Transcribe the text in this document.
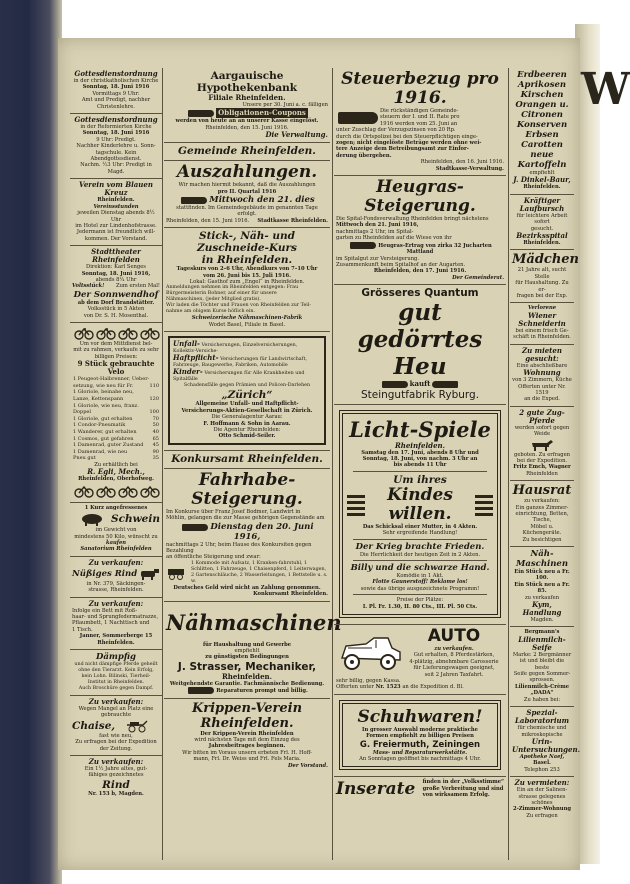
W
Gottesdienstordnung
in der christkatholischen Kirche
Sonntag, 18. Juni 1916
Vormittags 9 Uhr:
Amt und Predigt, nachher
Christenlehre.
Gottesdienstordnung
in der Reformierten Kirche
Sonntag, 18. Juni 1916
9 Uhr: Predigt.
Nachher Kinderlehre u. Sonn-
tagschule. Kein Abendgottesdienst.
Nachm. ½3 Uhr: Predigt in Magd.
Verein vom Blauen Kreuz
Rheinfelden.
Vereinsstunden
jeweilen Dienstag abends 8½ Uhr
im Hotel zur Lindenhofstrasse.
Jedermann ist freundlich will-
kommen. Der Vorstand.
Stadttheater Rheinfelden
Direktion: Karl Senges
Sonntag, 18. Juni 1916,
abends 8¼ Uhr
Voltsstück! Zum ersten Mal!
Der Sonnwendhof
ab dem Dorf Brandstätter.
Volksstück in 5 Akten
von Dr. S. H. Mosenthal.
Um vor dem Mittdienst bel-
mit zu rahmen, verkaufe zu sehr
billigen Preisen:
9 Stück gebrauchte Velo
1 Peugeot-Halbrenner, Ueber-
setzung, wie neu für Fr.	110
1 Gloriole, beinahe neu,
Lanze, Kettenspann	120
1 Gloriole, wie neu, franz.
Doppel	100
1 Gloriole, gut erhalten	70
1 Condor-Pneumatik	50
1 Wanderer, gut erhalten	40
1 Cosmos, gut gefahren	65
1 Damenrad, guter Zustand 45
1 Damenrad, wie neu	90
Pneu gut	35
Zu erhältlich bei
R. Egli, Mech.,
Rheinfelden, Oberhofweg.
1 Kurz angefressenes
Schwein
im Gewicht von
mindestens 50 Kilo, wünscht zu
kaufen
Sanatorium Rheinfelden
Zu verkaufen:
Nüßiges Rind
in Nr. 379, Säckingen-
strasse, Rheinfelden.
Zu verkaufen:
Infolge ein Bett mit Roß-
haar- und Sprungfedermatrazze,
Pflaumbett, 1 Nachttisch und
1 Tisch.
Janner, Sommerberge 15
Rheinfelden.
Dämpfig
und nicht dämpfige Pferde geheilt
ohne den Tierarzt. Kein Erfolg,
kein Lohn. Bilinski, Tierheil-
Institut in Rheinfelden.
Auch Broschüre gegen Dampf.
Zu verkaufen:
Wegen Mangel an Platz eine
gebrauchte
Chaise,
fast wie neu,
Zu erfragen bei der Expedition
der Zeitung.
Zu verkaufen:
Ein 1½ Jahre altes, gut-
fähiges gezeichnetes
Rind
Nr. 153 b, Magden.
Aargauische Hypothekenbank
Filiale Rheinfelden.
Unsere per 30. Juni a. c. fälligen
Obligationen-Coupons
werden von heute an an unserer Kasse eingelöst.
Rheinfelden, den 15. Juni 1916.
Die Verwaltung.
Gemeinde Rheinfelden.
Auszahlungen.
Wir machen hiermit bekannt, daß die Auszahlungen
pro II. Quartal 1916
Mittwoch den 21. dies
stattfinden. Im Gemeindegebäude im genannten Tage erfolgt.
Rheinfelden, den 15. Juni 1916. Stadtkasse Rheinfelden.
Stick-, Näh- und Zuschneide-Kurs
in Rheinfelden.
Tageskurs von 2–6 Uhr, Abendkurs von 7–10 Uhr
vom 26. Juni bis 15. Juli 1916.
Lokal: Gasthof zum „Engel“ in Rheinfelden.
Anmeldungen nehmen im Rheinfelden entgegen: Frau
Bürgermeisterin Rohner, auf einer für unsere
Nähmaschinen, (jeder Mitglied gratis).
Wir laden die Töchter und Frauen von Rheinfelden zur Teil-
nahme am obigem Kurse höflich ein.
Schweizerische Nähmaschinen-Fabrik
Wodet Basel, Filiale in Basel.
Unfall- Versicherungen, Einzelversicherungen, Kollektiv-Versiche-
Haftpflicht- Versicherungen für Landwirtschaft, Fahrzeuge, Baugewerbe, Fabriken, Automobile
Kinder- Versicherungen für Alle Krankheiten und Spitalfälle
Schadensfälle gegen Prämien und Policen-Darlehen
„Zürich“
Allgemeine Unfall- und Haftpflicht-
Versicherungs-Aktien-Gesellschaft in Zürich.
Die Generalagentur Aarau:
F. Hoffmann & Sohn in Aarau.
Die Agentur Rheinfelden:
Otto Schmid-Seiler.
Konkursamt Rheinfelden.
Fahrhabe-Steigerung.
Im Konkurse über Franz Josef Bodmer, Landwirt in
Möhlin, gelangen die zur Masse gehörigen Gegenstände am
Dienstag den 20. Juni 1916,
nachmittags 2 Uhr, beim Hause des Konkursiten gegen Bezahlung
an öffentliche Steigerung und zwar:
1 Kommode mit Aufsatz, 1 Kranken-fahrstuhl, 1 Schlitten, 1 Fahrzeuge, 1 Chaisenpferd, 1 Leiterwagen, 2 Gartenschläuche, 2 Wasserleitungen, 1 Bettstelle u. s. w.
Deutsches Geld wird nicht an Zahlung genommen.
Konkursamt Rheinfelden.
Nähmaschinen
für Haushaltung und Gewerbe
empfiehlt
zu günstigsten Bedingungen
J. Strasser, Mechaniker,
Rheinfelden.
Weitgehendste Garantie. Fachmännische Bedienung.
Reparaturen prompt und billig.
Krippen-Verein Rheinfelden.
Der Krippen-Verein Rheinfelden
wird nächsten Tage mit dem Einzug des
Jahresbeitrages beginnen.
Wir bitten im Voraus unsern erbeten Frl. H. Hoff-
mann, Frl. Dr. Weiss und Frl. Fels Maria.
Der Vorstand.
Steuerbezug pro 1916.
Die rückständigen Gemeinde-
steuern der I. und II. Rate pro
1916 werden vom 25. Juni an
unter Zuschlag der Verzugszinsen von 20 Rp.
durch die Ortspolizei bei den Steuerpflichtigen einge-
zogen; nicht eingelöste Beträge werden ohne wei-
tere Anzeige dem Betreibungsamt zur Einfor-
derung übergeben.
Rheinfelden, den 16. Juni 1916.
Stadtkasse-Verwaltung.
Heugras-Steigerung.
Die Spital-Fondsverwaltung Rheinfelden bringt nächstens
Mittwoch den 21. Juni 1916,
nachmittags 2 Uhr, im Spital-
garten zu Rheinfelden auf die Wiese von ihr
Heugras-Ertrag von zirka 32 Jucharten Mattland
im Spitalgut zur Versteigerung.
Zusammenkunft beim Spitalhof an der Augarten.
Rheinfelden, den 17. Juni 1916.
Der Gemeinderat.
Grösseres Quantum
gut gedörrtes Heu
kauft
Steingutfabrik Ryburg.
Licht-Spiele
Rheinfelden.
Samstag den 17. Juni, abends 8 Uhr und
Sonntag, 18. Juni, von nachm. 3 Uhr an
bis abends 11 Uhr
Um ihres
Kindes willen.
Das Schicksal einer Mutter, in 4 Akten.
Sehr ergreifende Handlung!
Der Krieg brachte Frieden.
Die Herrlichkeit der heutigen Zeit in 2 Akten.
Billy und die schwarze Hand.
Komödie in 1 Akt.
Flotte Gaunerstoff! Reklame los!
sowie das übrige ausgezeichnete Programm!
Preise der Plätze:
I. Pl. Fr. 1.30, II. 80 Cts., III. Pl. 50 Cts.
AUTO
zu verkaufen.
Gut erhalten, 8 Pferdestärken,
4-plätzig, abnehmbare Carosserie
für Lieferungswagen geeignet,
seit 2 Jahren Taxfahrt.
sehr billig, gegen Kassa.
Offerten unter Nr. 1523 an die Expedition d. Bl.
Schuhwaren!
In grosser Auswahl moderne praktische
Formen empfiehlt zu billigen Preisen
G. Freiermuth, Zeiningen
Mass- und Reparaturwerkstätte.
An Sonntagen geöffnet bis nachmittags 4 Uhr.
Inserate	finden in der „Volksstimme“
große Verbreitung und sind
von wirksamem Erfolg.
Erdbeeren
Aprikosen
Kirschen
Orangen u.
Citronen
Konserven
Erbsen
Carotten
neue Kartoffeln
empfiehlt
J. Dinkel-Baur,
Rheinfelden.
Kräftiger Laufbursch
für leichtere Arbeit sofort
gesucht.
Bezirksspital
Rheinfelden.
Mädchen
21 Jahre alt, sucht Stelle
für Haushaltung. Zu er-
fragen bei der Exp.
Verlorene
Wiener Schneiderin
bei einem frisch Ge-
schäft in Rheinfelden.
Zu mieten gesucht:
Eine abschließbare
Wohnung
von 3 Zimmern, Küche
Offerten unter Nr. 1519
an die Exped.
2 gute Zug-Pferde
werden sofort gegen Weide
geboten. Zu erfragen
bei der Expedition.
Fritz Emch, Wagner
Rheinfelden
Hausrat
zu verkaufen:
Ein ganzes Zimmer-
einrichtung, Betten, Tische,
Möbel u. Küchengeräte.
Zu besichtigen
Näh-Maschinen
Ein Stück neu a Fr. 100.
Ein Stück neu a Fr. 85.
zu verkaufen
Kym, Handlung
Magden.
Bergmann's
Lilienmilch-Seife
Marke: 2 Bergmänner
ist und bleibt die beste
Seife gegen Sommer-
sprossen.
Lilienmilch-Crème
„DADA“
Zu haben bei:
Spezial-Laboratorium
für chemische und
mikroskopische
Urin-Untersuchungen.
Apotheke Naef,
Basel.
Telephon 253
Zu vermieten:
Ein an der Salinen-
strasse gelegenes schönes
2-Zimmer-Wohnung
Zu erfragen
